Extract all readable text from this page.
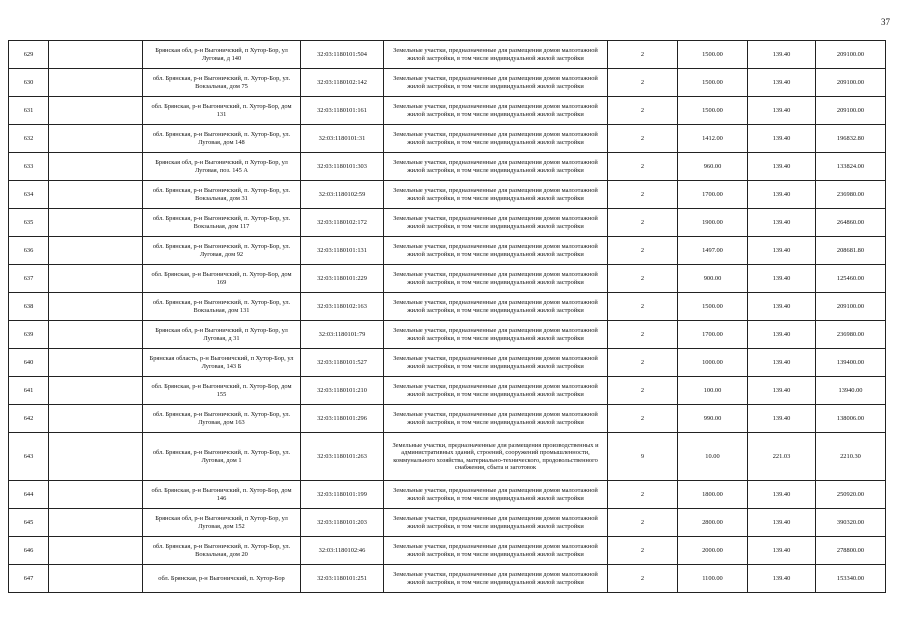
37
629		Брянская обл, р-н Выгоничский, п Хутор-Бор, ул Луговая, д 140	32:03:1180101:504	Земельные участки, предназначенные для размещения домов малоэтажной жилой застройки, в том числе индивидуальной жилой застройки	2	1500.00	139.40	209100.00
630		обл. Брянская, р-н Выгоничский, п. Хутор-Бор, ул. Вокзальная, дом 75	32:03:1180102:142	Земельные участки, предназначенные для размещения домов малоэтажной жилой застройки, в том числе индивидуальной жилой застройки	2	1500.00	139.40	209100.00
631		обл. Брянская, р-н Выгоничский, п. Хутор-Бор, дом 131	32:03:1180101:161	Земельные участки, предназначенные для размещения домов малоэтажной жилой застройки, в том числе индивидуальной жилой застройки	2	1500.00	139.40	209100.00
632		обл. Брянская, р-н Выгоничский, п. Хутор-Бор, ул. Луговая, дом 148	32:03:1180101:31	Земельные участки, предназначенные для размещения домов малоэтажной жилой застройки, в том числе индивидуальной жилой застройки	2	1412.00	139.40	196832.80
633		Брянская обл, р-н Выгоничский, п Хутор-Бор, ул Луговая, поз. 145 А	32:03:1180101:303	Земельные участки, предназначенные для размещения домов малоэтажной жилой застройки, в том числе индивидуальной жилой застройки	2	960.00	139.40	133824.00
634		обл. Брянская, р-н Выгоничский, п. Хутор-Бор, ул. Вокзальная, дом 31	32:03:1180102:59	Земельные участки, предназначенные для размещения домов малоэтажной жилой застройки, в том числе индивидуальной жилой застройки	2	1700.00	139.40	236980.00
635		обл. Брянская, р-н Выгоничский, п. Хутор-Бор, ул. Вокзальная, дом 117	32:03:1180102:172	Земельные участки, предназначенные для размещения домов малоэтажной жилой застройки, в том числе индивидуальной жилой застройки	2	1900.00	139.40	264860.00
636		обл. Брянская, р-н Выгоничский, п. Хутор-Бор, ул. Луговая, дом 92	32:03:1180101:131	Земельные участки, предназначенные для размещения домов малоэтажной жилой застройки, в том числе индивидуальной жилой застройки	2	1497.00	139.40	208681.80
637		обл. Брянская, р-н Выгоничский, п. Хутор-Бор, дом 169	32:03:1180101:229	Земельные участки, предназначенные для размещения домов малоэтажной жилой застройки, в том числе индивидуальной жилой застройки	2	900.00	139.40	125460.00
638		обл. Брянская, р-н Выгоничский, п. Хутор-Бор, ул. Вокзальная, дом 131	32:03:1180102:163	Земельные участки, предназначенные для размещения домов малоэтажной жилой застройки, в том числе индивидуальной жилой застройки	2	1500.00	139.40	209100.00
639		Брянская обл, р-н Выгоничский, п Хутор-Бор, ул Луговая, д 31	32:03:1180101:79	Земельные участки, предназначенные для размещения домов малоэтажной жилой застройки, в том числе индивидуальной жилой застройки	2	1700.00	139.40	236980.00
640		Брянская область, р-н Выгоничский, п Хутор-Бор, ул Луговая, 143 Б	32:03:1180101:527	Земельные участки, предназначенные для размещения домов малоэтажной жилой застройки, в том числе индивидуальной жилой застройки	2	1000.00	139.40	139400.00
641		обл. Брянская, р-н Выгоничский, п. Хутор-Бор, дом 155	32:03:1180101:210	Земельные участки, предназначенные для размещения домов малоэтажной жилой застройки, в том числе индивидуальной жилой застройки	2	100.00	139.40	13940.00
642		обл. Брянская, р-н Выгоничский, п. Хутор-Бор, ул. Луговая, дом 163	32:03:1180101:296	Земельные участки, предназначенные для размещения домов малоэтажной жилой застройки, в том числе индивидуальной жилой застройки	2	990.00	139.40	138006.00
643		обл. Брянская, р-н Выгоничский, п. Хутор-Бор, ул. Луговая, дом 1	32:03:1180101:263	Земельные участки, предназначенные для размещения производственных и административных зданий, строений, сооружений промышленности, коммунального хозяйства, материально-технического, продовольственного снабжения, сбыта и заготовок	9	10.00	221.03	2210.30
644		обл. Брянская, р-н Выгоничский, п. Хутор-Бор, дом 146	32:03:1180101:199	Земельные участки, предназначенные для размещения домов малоэтажной жилой застройки, в том числе индивидуальной жилой застройки	2	1800.00	139.40	250920.00
645		Брянская обл, р-н Выгоничский, п Хутор-Бор, ул Луговая, дом 152	32:03:1180101:203	Земельные участки, предназначенные для размещения домов малоэтажной жилой застройки, в том числе индивидуальной жилой застройки	2	2800.00	139.40	390320.00
646		обл. Брянская, р-н Выгоничский, п. Хутор-Бор, ул. Вокзальная, дом 20	32:03:1180102:46	Земельные участки, предназначенные для размещения домов малоэтажной жилой застройки, в том числе индивидуальной жилой застройки	2	2000.00	139.40	278800.00
647		обл. Брянская, р-н Выгоничский, п. Хутор-Бор	32:03:1180101:251	Земельные участки, предназначенные для размещения домов малоэтажной жилой застройки, в том числе индивидуальной жилой застройки	2	1100.00	139.40	153340.00
